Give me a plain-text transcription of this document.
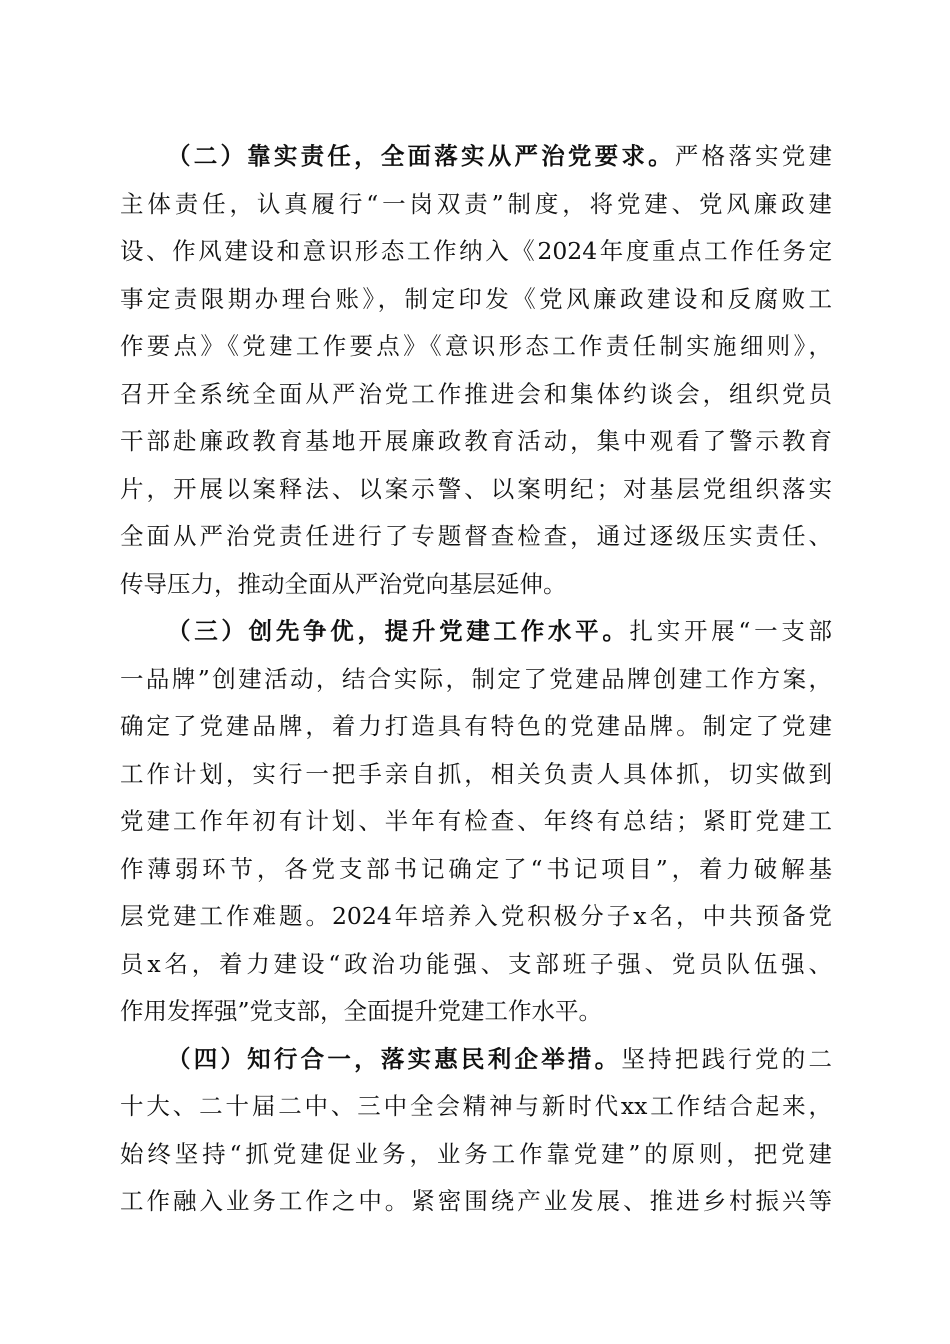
（二）靠实责任，全面落实从严治党要求。严格落实党建
主体责任，认真履行“一岗双责”制度，将党建、党风廉政建
设、作风建设和意识形态工作纳入《2024年度重点工作任务定
事定责限期办理台账》，制定印发《党风廉政建设和反腐败工
作要点》《党建工作要点》《意识形态工作责任制实施细则》，
召开全系统全面从严治党工作推进会和集体约谈会，组织党员
干部赴廉政教育基地开展廉政教育活动，集中观看了警示教育
片，开展以案释法、以案示警、以案明纪；对基层党组织落实
全面从严治党责任进行了专题督查检查，通过逐级压实责任、
传导压力，推动全面从严治党向基层延伸。
（三）创先争优，提升党建工作水平。扎实开展“一支部
一品牌”创建活动，结合实际，制定了党建品牌创建工作方案，
确定了党建品牌，着力打造具有特色的党建品牌。制定了党建
工作计划，实行一把手亲自抓，相关负责人具体抓，切实做到
党建工作年初有计划、半年有检查、年终有总结；紧盯党建工
作薄弱环节，各党支部书记确定了“书记项目”，着力破解基
层党建工作难题。2024年培养入党积极分子x名，中共预备党
员x名，着力建设“政治功能强、支部班子强、党员队伍强、
作用发挥强”党支部，全面提升党建工作水平。
（四）知行合一，落实惠民利企举措。坚持把践行党的二
十大、二十届二中、三中全会精神与新时代xx工作结合起来，
始终坚持“抓党建促业务，业务工作靠党建”的原则，把党建
工作融入业务工作之中。紧密围绕产业发展、推进乡村振兴等
